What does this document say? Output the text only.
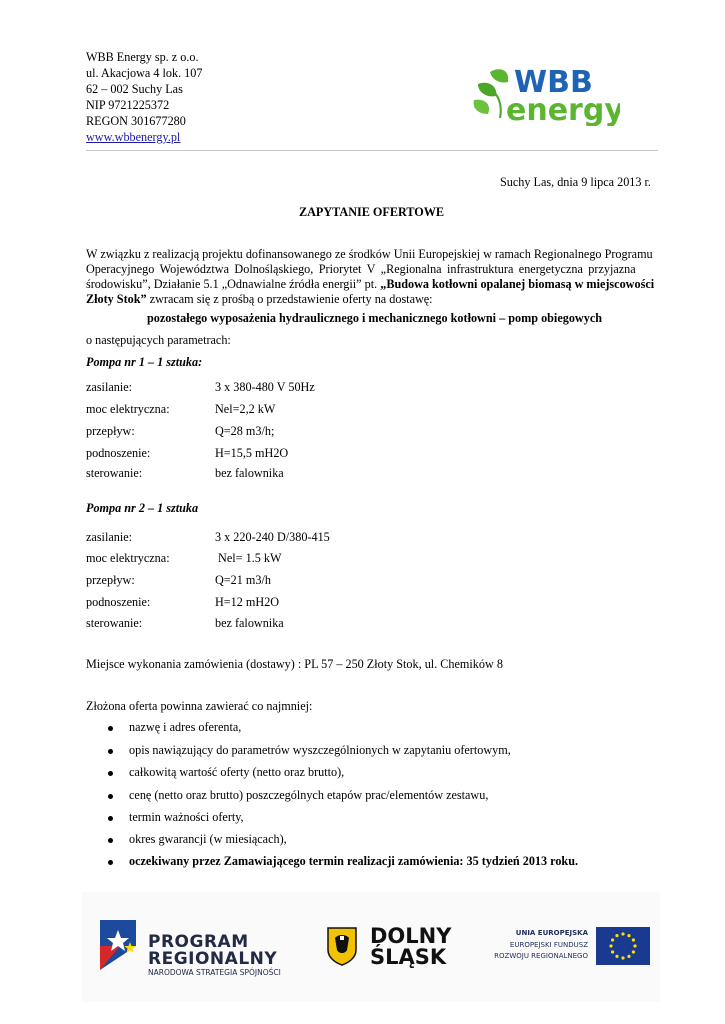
WBB Energy sp. z o.o.
ul. Akacjowa 4 lok. 107
62 – 002 Suchy Las
NIP 9721225372
REGON 301677280
www.wbbenergy.pl
WBB
energy
Suchy Las, dnia 9 lipca 2013 r.
ZAPYTANIE OFERTOWE
W związku z realizacją projektu dofinansowanego ze środków Unii Europejskiej w ramach Regionalnego Programu
Operacyjnego Województwa Dolnośląskiego, Priorytet V „Regionalna infrastruktura energetyczna przyjazna
środowisku”, Działanie 5.1 „Odnawialne źródła energii” pt. „Budowa kotłowni opalanej biomasą w miejscowości
Złoty Stok” zwracam się z prośbą o przedstawienie oferty na dostawę:
pozostałego wyposażenia hydraulicznego i mechanicznego kotłowni – pomp obiegowych
o następujących parametrach:
Pompa nr 1 – 1 sztuka:
zasilanie:	3 x 380-480 V 50Hz
moc elektryczna:	Nel=2,2 kW
przepływ:	Q=28 m3/h;
podnoszenie:	H=15,5 mH2O
sterowanie:	bez falownika
Pompa nr 2 – 1 sztuka
zasilanie:	3 x 220-240 D/380-415
moc elektryczna:	Nel= 1.5 kW
przepływ:	Q=21 m3/h
podnoszenie:	H=12 mH2O
sterowanie:	bez falownika
Miejsce wykonania zamówienia (dostawy) : PL 57 – 250 Złoty Stok, ul. Chemików 8
Złożona oferta powinna zawierać co najmniej:
nazwę i adres oferenta,
opis nawiązujący do parametrów wyszczególnionych w zapytaniu ofertowym,
całkowitą wartość oferty (netto oraz brutto),
cenę (netto oraz brutto) poszczególnych etapów prac/elementów zestawu,
termin ważności oferty,
okres gwarancji (w miesiącach),
oczekiwany przez Zamawiającego termin realizacji zamówienia: 35 tydzień 2013 roku.
PROGRAM
REGIONALNY
NARODOWA STRATEGIA SPÓJNOŚCI
DOLNY
ŚLĄSK
UNIA EUROPEJSKA
EUROPEJSKI FUNDUSZ
ROZWOJU REGIONALNEGO
